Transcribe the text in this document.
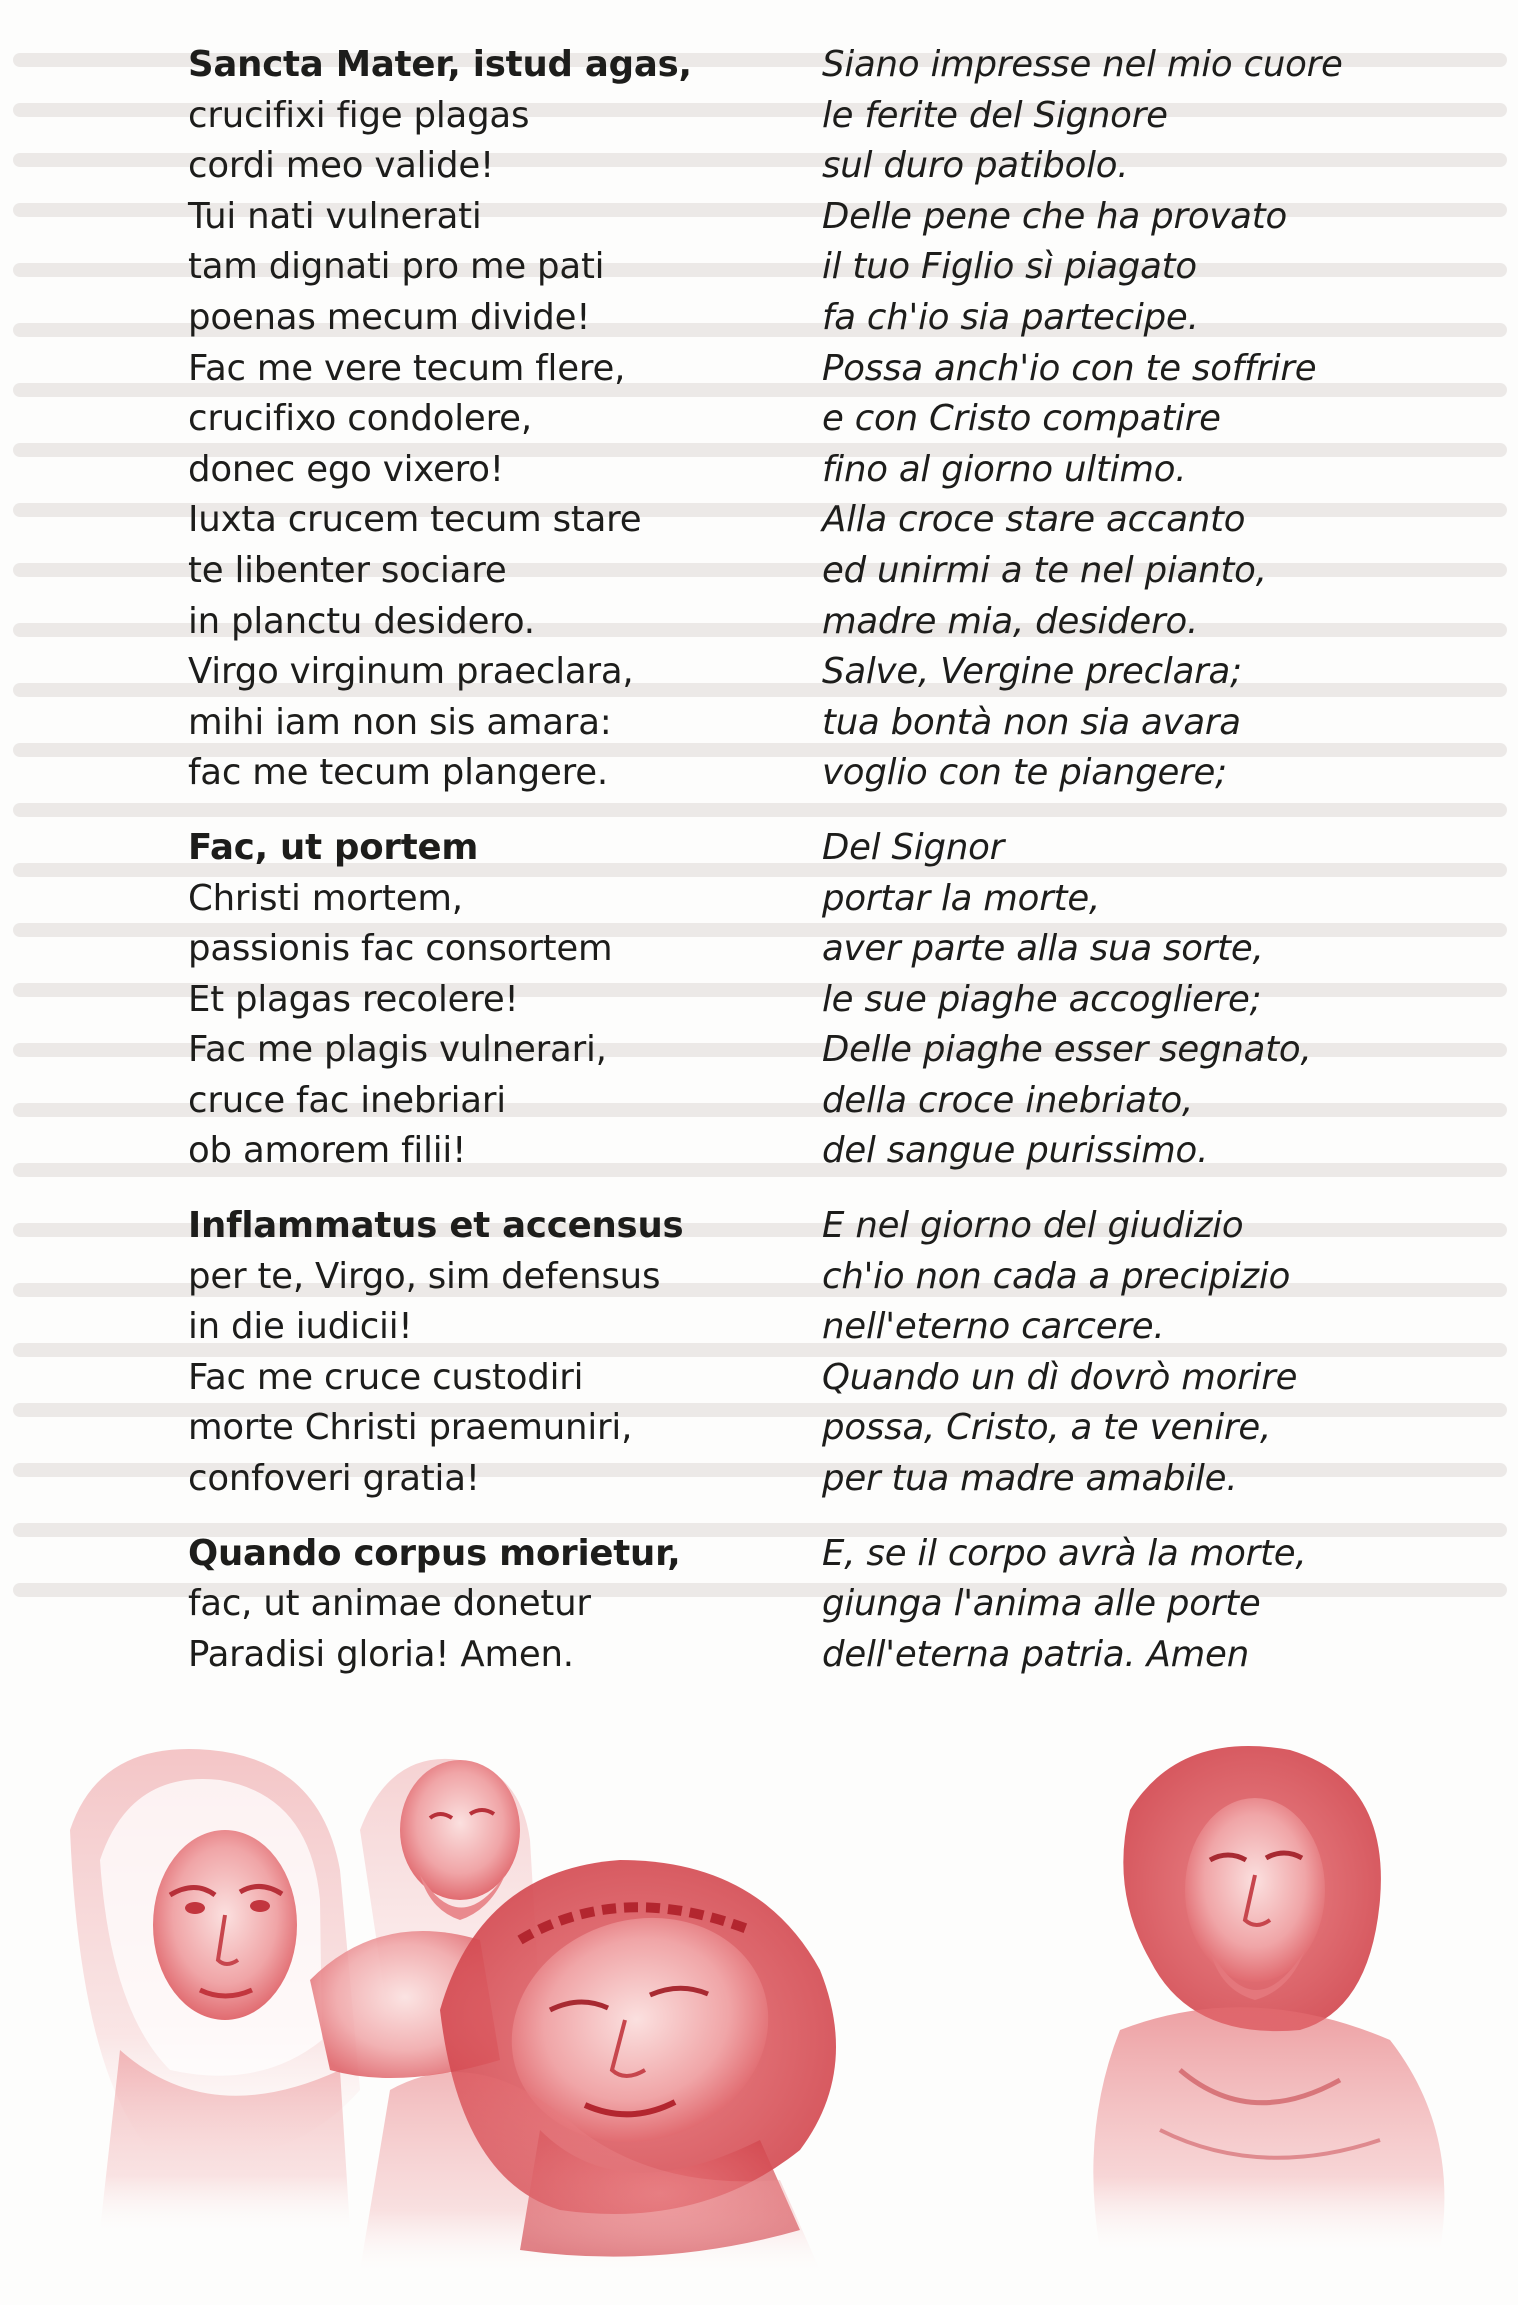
Sancta Mater, istud agas,
crucifixi fige plagas
cordi meo valide!
Tui nati vulnerati
tam dignati pro me pati
poenas mecum divide!
Fac me vere tecum flere,
crucifixo condolere,
donec ego vixero!
Iuxta crucem tecum stare
te libenter sociare
in planctu desidero.
Virgo virginum praeclara,
mihi iam non sis amara:
fac me tecum plangere.
Fac, ut portem
Christi mortem,
passionis fac consortem
Et plagas recolere!
Fac me plagis vulnerari,
cruce fac inebriari
ob amorem filii!
Inflammatus et accensus
per te, Virgo, sim defensus
in die iudicii!
Fac me cruce custodiri
morte Christi praemuniri,
confoveri gratia!
Quando corpus morietur,
fac, ut animae donetur
Paradisi gloria! Amen.
Siano impresse nel mio cuore
le ferite del Signore
sul duro patibolo.
Delle pene che ha provato
il tuo Figlio sì piagato
fa ch'io sia partecipe.
Possa anch'io con te soffrire
e con Cristo compatire
fino al giorno ultimo.
Alla croce stare accanto
ed unirmi a te nel pianto,
madre mia, desidero.
Salve, Vergine preclara;
tua bontà non sia avara
voglio con te piangere;
Del Signor
portar la morte,
aver parte alla sua sorte,
le sue piaghe accogliere;
Delle piaghe esser segnato,
della croce inebriato,
del sangue purissimo.
E nel giorno del giudizio
ch'io non cada a precipizio
nell'eterno carcere.
Quando un dì dovrò morire
possa, Cristo, a te venire,
per tua madre amabile.
E, se il corpo avrà la morte,
giunga l'anima alle porte
dell'eterna patria. Amen
